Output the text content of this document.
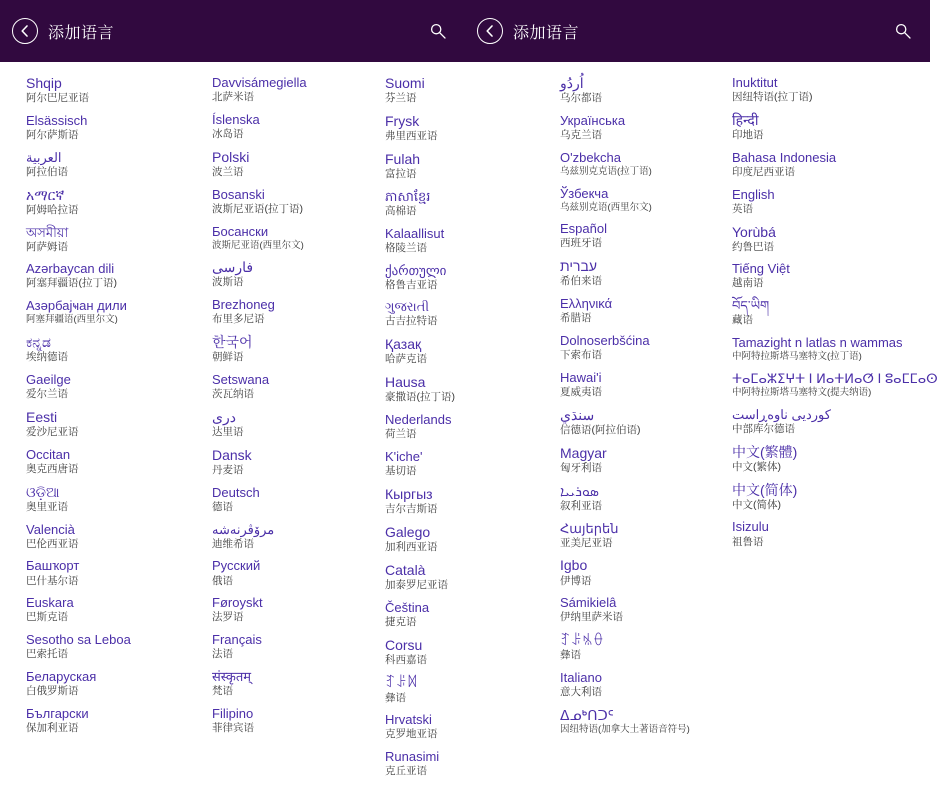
添加语言	添加语言
Shqip
阿尔巴尼亚语
Elsässisch
阿尔萨斯语
العربية
阿拉伯语
አማርኛ
阿姆哈拉语
অসমীয়া
阿萨姆语
Azərbaycan dili
阿塞拜疆语(拉丁语)
Азәрбајҹан дили
阿塞拜疆语(西里尔文)
ಕನ್ನಡ
埃纳德语
Gaeilge
爱尔兰语
Eesti
爱沙尼亚语
Occitan
奥克西唐语
ଓଡ଼ିଆ
奥里亚语
Valencià
巴伦西亚语
Башҡорт
巴什基尔语
Euskara
巴斯克语
Sesotho sa Leboa
巴索托语
Беларуская
白俄罗斯语
Български
保加利亚语
Davvisámegiella
北萨米语
Íslenska
冰岛语
Polski
波兰语
Bosanski
波斯尼亚语(拉丁语)
Босански
波斯尼亚语(西里尔文)
فارسی
波斯语
Brezhoneg
布里多尼语
한국어
朝鲜语
Setswana
茨瓦纳语
درى
达里语
Dansk
丹麦语
Deutsch
德语
مرۆڤرنەشە
迪维希语
Русский
俄语
Føroyskt
法罗语
Français
法语
संस्कृतम्
梵语
Filipino
菲律宾语
Suomi
芬兰语
Frysk
弗里西亚语
Fulah
富拉语
ភាសាខ្មែរ
高棉语
Kalaallisut
格陵兰语
ქართული
格鲁吉亚语
ગુજરાતી
古吉拉特语
Қазақ
哈萨克语
Hausa
豪撒语(拉丁语)
Nederlands
荷兰语
K'iche'
基切语
Кыргыз
吉尔吉斯语
Galego
加利西亚语
Català
加泰罗尼亚语
Čeština
捷克语
Corsu
科西嘉语
ꆈꌠꉙ
彝语
Hrvatski
克罗地亚语
Runasimi
克丘亚语
اُردُو
乌尔都语
Українська
乌克兰语
O'zbekcha
乌兹别克克语(拉丁语)
Ўзбекча
乌兹别克语(西里尔文)
Español
西班牙语
עברית
希伯来语
Ελληνικά
希腊语
Dolnoserbšćina
下索布语
Hawai'i
夏威夷语
سنڌي
信德语(阿拉伯语)
Magyar
匈牙利语
ܣܘܪܝܝܐ
叙利亚语
Հայերեն
亚美尼亚语
Igbo
伊博语
Sámikielâ
伊纳里萨米语
ꆈꌠꁱꂷ
彝语
Italiano
意大利语
ᐃᓄᒃᑎᑐᑦ
因纽特语(加拿大土著语音符号)
Inuktitut
因纽特语(拉丁语)
हिन्दी
印地语
Bahasa Indonesia
印度尼西亚语
English
英语
Yorùbá
约鲁巴语
Tiếng Việt
越南语
བོད་ཡིག
藏语
Tamazight n latlas n wammas
中阿特拉斯塔马塞特文(拉丁语)
ⵜⴰⵎⴰⵣⵉⵖⵜ ⵏ ⵍⴰⵜⵍⴰⵚ ⵏ ⵓⴰⵎⵎⴰⵙ
中阿特拉斯塔马塞特文(提夫纳语)
کوردیی ناوەڕاست
中部库尔德语
中文(繁體)
中文(繁体)
中文(简体)
中文(简体)
Isizulu
祖鲁语
